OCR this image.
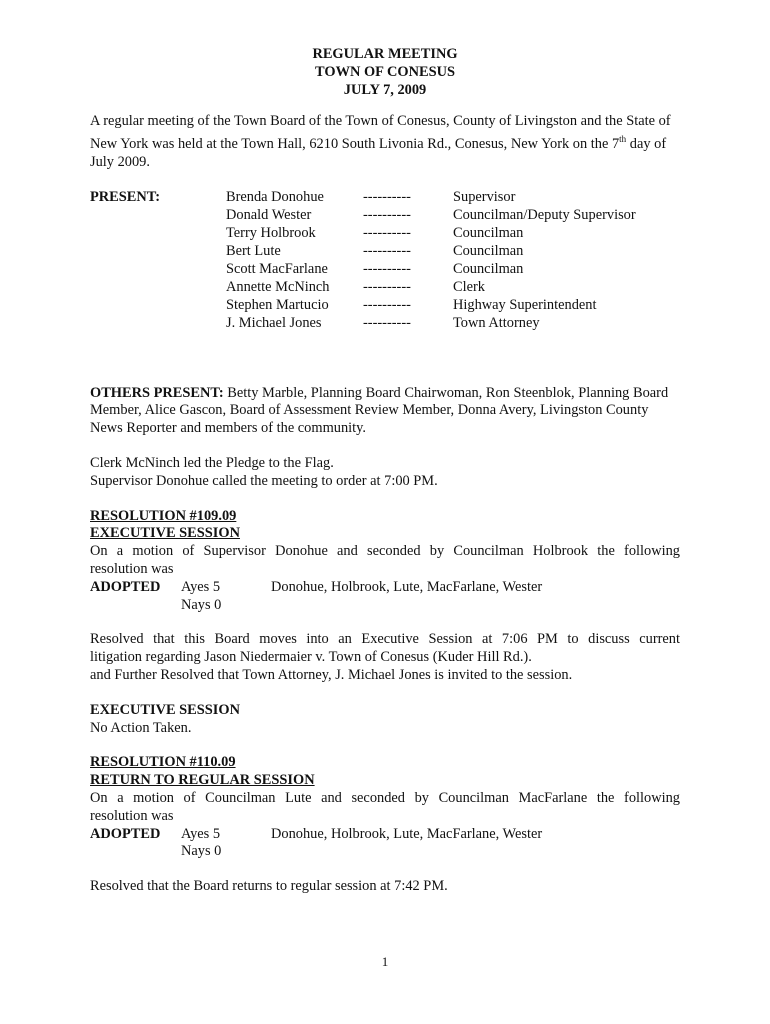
REGULAR MEETING

TOWN OF CONESUS

JULY 7, 2009

A regular meeting of the Town Board of the Town of Conesus, County of Livingston and the State of New York was held at the Town Hall, 6210 South Livonia Rd., Conesus, New York on the 7th day of July 2009.

PRESENT:	Brenda Donohue	----------	Supervisor
Donald Wester	----------	Councilman/Deputy Supervisor
Terry Holbrook	----------	Councilman
Bert Lute	----------	Councilman
Scott MacFarlane ----------	Councilman
Annette McNinch ----------	Clerk
Stephen Martucio ----------	Highway Superintendent
J. Michael Jones	----------	Town Attorney

OTHERS PRESENT: Betty Marble, Planning Board Chairwoman, Ron Steenblok, Planning Board Member, Alice Gascon, Board of Assessment Review Member, Donna Avery, Livingston County News Reporter and members of the community.

Clerk McNinch led the Pledge to the Flag.

Supervisor Donohue called the meeting to order at 7:00 PM.

RESOLUTION #109.09

EXECUTIVE SESSION

On a motion of Supervisor Donohue and seconded by Councilman Holbrook the following

resolution was

ADOPTED Ayes 5	Donohue, Holbrook, Lute, MacFarlane, Wester
Nays 0

Resolved that this Board moves into an Executive Session at 7:06 PM to discuss current

litigation regarding Jason Niedermaier v. Town of Conesus (Kuder Hill Rd.).

and Further Resolved that Town Attorney, J. Michael Jones is invited to the session.

EXECUTIVE SESSION

No Action Taken.

RESOLUTION #110.09

RETURN TO REGULAR SESSION

On a motion of Councilman Lute and seconded by Councilman MacFarlane the following

resolution was

ADOPTED Ayes 5	Donohue, Holbrook, Lute, MacFarlane, Wester
Nays 0

Resolved that the Board returns to regular session at 7:42 PM.

1
